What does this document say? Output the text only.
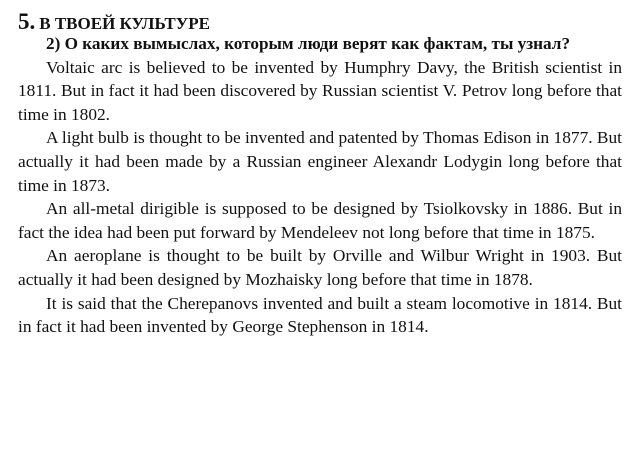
5. В ТВОЕЙ КУЛЬТУРЕ

2) О каких вымыслах, которым люди верят как фактам, ты узнал?

Voltaic arc is believed to be invented by Humphry Davy, the British scientist in 1811. But in fact it had been discovered by Russian scientist V. Petrov long before that time in 1802.

A light bulb is thought to be invented and patented by Thomas Edison in 1877. But actually it had been made by a Russian engineer Alexandr Lodygin long before that time in 1873.

An all-metal dirigible is supposed to be designed by Tsiolkovsky in 1886. But in fact the idea had been put forward by Mendeleev not long before that time in 1875.

An aeroplane is thought to be built by Orville and Wilbur Wright in 1903. But actually it had been designed by Mozhaisky long before that time in 1878.

It is said that the Cherepanovs invented and built a steam locomotive in 1814. But in fact it had been invented by George Stephenson in 1814.
